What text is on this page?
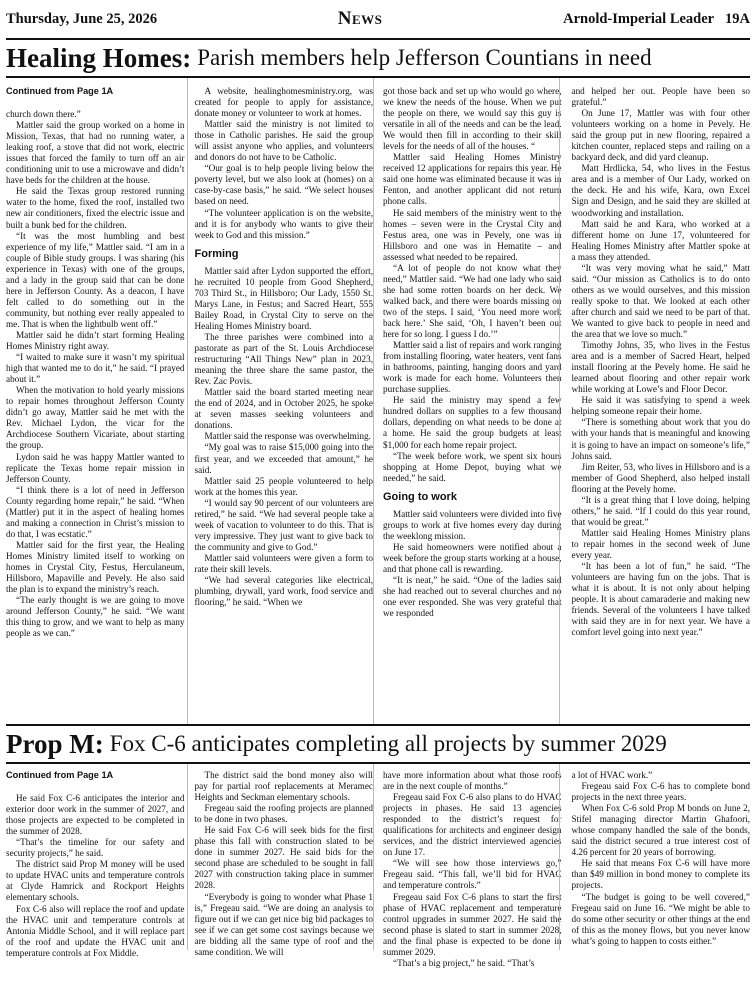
Thursday, June 25, 2026	News	Arnold-Imperial Leader 19A
Healing Homes: Parish members help Jefferson Countians in need
Continued from Page 1A

church down there.”

Mattler said the group worked on a home in Mission, Texas, that had no running water, a leaking roof, a stove that did not work, electric issues that forced the family to turn off an air conditioning unit to use a microwave and didn’t have beds for the children at the house.

He said the Texas group restored running water to the home, fixed the roof, installed two new air conditioners, fixed the electric issue and built a bunk bed for the children.

“It was the most humbling and best experience of my life,” Mattler said. “I am in a couple of Bible study groups. I was sharing (his experience in Texas) with one of the groups, and a lady in the group said that can be done here in Jefferson County. As a deacon, I have felt called to do something out in the community, but nothing ever really appealed to me. That is when the lightbulb went off.”

Mattler said he didn’t start forming Healing Homes Ministry right away.

“I waited to make sure it wasn’t my spiritual high that wanted me to do it,” he said. “I prayed about it.”

When the motivation to hold yearly missions to repair homes throughout Jefferson County didn’t go away, Mattler said he met with the Rev. Michael Lydon, the vicar for the Archdiocese Southern Vicariate, about starting the group.

Lydon said he was happy Mattler wanted to replicate the Texas home repair mission in Jefferson County.

“I think there is a lot of need in Jefferson County regarding home repair,” he said. “When (Mattler) put it in the aspect of healing homes and making a connection in Christ’s mission to do that, I was ecstatic.”

Mattler said for the first year, the Healing Homes Ministry limited itself to working on homes in Crystal City, Festus, Herculaneum, Hillsboro, Mapaville and Pevely. He also said the plan is to expand the ministry’s reach.

“The early thought is we are going to move around Jefferson County,” he said. “We want this thing to grow, and we want to help as many people as we can.”

A website, healinghomesministry.org, was created for people to apply for assistance, donate money or volunteer to work at homes.

Mattler said the ministry is not limited to those in Catholic parishes. He said the group will assist anyone who applies, and volunteers and donors do not have to be Catholic.

“Our goal is to help people living below the poverty level, but we also look at (homes) on a case-by-case basis,” he said. “We select houses based on need.

“The volunteer application is on the website, and it is for anybody who wants to give their week to God and this mission.”

Forming

Mattler said after Lydon supported the effort, he recruited 10 people from Good Shepherd, 703 Third St., in Hillsboro; Our Lady, 1550 St. Marys Lane, in Festus; and Sacred Heart, 555 Bailey Road, in Crystal City to serve on the Healing Homes Ministry board.

The three parishes were combined into a pastorate as part of the St. Louis Archdiocese restructuring “All Things New” plan in 2023, meaning the three share the same pastor, the Rev. Zac Povis.

Mattler said the board started meeting near the end of 2024, and in October 2025, he spoke at seven masses seeking volunteers and donations.

Mattler said the response was overwhelming.

“My goal was to raise $15,000 going into the first year, and we exceeded that amount,” he said.

Mattler said 25 people volunteered to help work at the homes this year.

“I would say 90 percent of our volunteers are retired,” he said. “We had several people take a week of vacation to volunteer to do this. That is very impressive. They just want to give back to the community and give to God.”

Mattler said volunteers were given a form to rate their skill levels.

“We had several categories like electrical, plumbing, drywall, yard work, food service and flooring,” he said. “When we

got those back and set up who would go where, we knew the needs of the house. When we put the people on there, we would say this guy is versatile in all of the needs and can be the lead. We would then fill in according to their skill levels for the needs of all of the houses. “

Mattler said Healing Homes Ministry received 12 applications for repairs this year. He said one home was eliminated because it was in Fenton, and another applicant did not return phone calls.

He said members of the ministry went to the homes – seven were in the Crystal City and Festus area, one was in Pevely, one was in Hillsboro and one was in Hematite – and assessed what needed to be repaired.

“A lot of people do not know what they need,” Mattler said. “We had one lady who said she had some rotten boards on her deck. We walked back, and there were boards missing on two of the steps. I said, ‘You need more work back here.’ She said, ‘Oh, I haven’t been out here for so long. I guess I do.’”

Mattler said a list of repairs and work ranging from installing flooring, water heaters, vent fans in bathrooms, painting, hanging doors and yard work is made for each home. Volunteers then purchase supplies.

He said the ministry may spend a few hundred dollars on supplies to a few thousand dollars, depending on what needs to be done at a home. He said the group budgets at least $1,000 for each home repair project.

“The week before work, we spent six hours shopping at Home Depot, buying what we needed,” he said.

Going to work

Mattler said volunteers were divided into five groups to work at five homes every day during the weeklong mission.

He said homeowners were notified about a week before the group starts working at a house, and that phone call is rewarding.

“It is neat,” he said. “One of the ladies said she had reached out to several churches and no one ever responded. She was very grateful that we responded

and helped her out. People have been so grateful.”

On June 17, Mattler was with four other volunteers working on a home in Pevely. He said the group put in new flooring, repaired a kitchen counter, replaced steps and railing on a backyard deck, and did yard cleanup.

Matt Hrdlicka, 54, who lives in the Festus area and is a member of Our Lady, worked on the deck. He and his wife, Kara, own Excel Sign and Design, and he said they are skilled at woodworking and installation.

Matt said he and Kara, who worked at a different home on June 17, volunteered for Healing Homes Ministry after Mattler spoke at a mass they attended.

“It was very moving what he said,” Matt said. “Our mission as Catholics is to do onto others as we would ourselves, and this mission really spoke to that. We looked at each other after church and said we need to be part of that. We wanted to give back to people in need and the area that we love so much.”

Timothy Johns, 35, who lives in the Festus area and is a member of Sacred Heart, helped install flooring at the Pevely home. He said he learned about flooring and other repair work while working at Lowe’s and Floor Decor.

He said it was satisfying to spend a week helping someone repair their home.

“There is something about work that you do with your hands that is meaningful and knowing it is going to have an impact on someone’s life,” Johns said.

Jim Reiter, 53, who lives in Hillsboro and is a member of Good Shepherd, also helped install flooring at the Pevely home.

“It is a great thing that I love doing, helping others,” he said. “If I could do this year round, that would be great.”

Mattler said Healing Homes Ministry plans to repair homes in the second week of June every year.

“It has been a lot of fun,” he said. “The volunteers are having fun on the jobs. That is what it is about. It is not only about helping people. It is about camaraderie and making new friends. Several of the volunteers I have talked with said they are in for next year. We have a comfort level going into next year.”

Prop M: Fox C-6 anticipates completing all projects by summer 2029
Continued from Page 1A

He said Fox C-6 anticipates the interior and exterior door work in the summer of 2027, and those projects are expected to be completed in the summer of 2028.

“That’s the timeline for our safety and security projects,” he said.

The district said Prop M money will be used to update HVAC units and temperature controls at Clyde Hamrick and Rockport Heights elementary schools.

Fox C-6 also will replace the roof and update the HVAC unit and temperature controls at Antonia Middle School, and it will replace part of the roof and update the HVAC unit and temperature controls at Fox Middle.

The district said the bond money also will pay for partial roof replacements at Meramec Heights and Seckman elementary schools.

Fregeau said the roofing projects are planned to be done in two phases.

He said Fox C-6 will seek bids for the first phase this fall with construction slated to be done in summer 2027. He said bids for the second phase are scheduled to be sought in fall 2027 with construction taking place in summer 2028.

“Everybody is going to wonder what Phase 1 is,” Fregeau said. “We are doing an analysis to figure out if we can get nice big bid packages to see if we can get some cost savings because we are bidding all the same type of roof and the same condition. We will

have more information about what those roofs are in the next couple of months.”

Fregeau said Fox C-6 also plans to do HVAC projects in phases. He said 13 agencies responded to the district’s request for qualifications for architects and engineer design services, and the district interviewed agencies on June 17.

“We will see how those interviews go,” Fregeau said. “This fall, we’ll bid for HVAC and temperature controls.”

Fregeau said Fox C-6 plans to start the first phase of HVAC replacement and temperature control upgrades in summer 2027. He said the second phase is slated to start in summer 2028, and the final phase is expected to be done in summer 2029.

“That’s a big project,” he said. “That’s

a lot of HVAC work.”

Fregeau said Fox C-6 has to complete bond projects in the next three years.

When Fox C-6 sold Prop M bonds on June 2, Stifel managing director Martin Ghafoori, whose company handled the sale of the bonds, said the district secured a true interest cost of 4.26 percent for 20 years of borrowing.

He said that means Fox C-6 will have more than $49 million in bond money to complete its projects.

“The budget is going to be well covered,” Fregeau said on June 16. “We might be able to do some other security or other things at the end of this as the money flows, but you never know what’s going to happen to costs either.”
